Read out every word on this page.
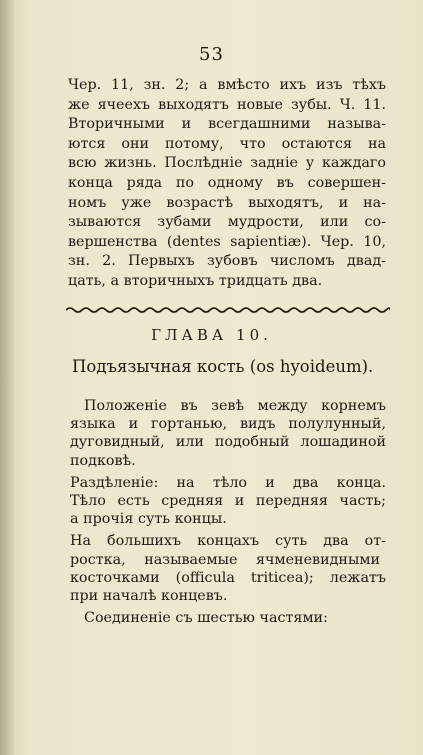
53
Чер. 11, зн. 2; а вмѣсто ихъ изъ тѣхъ
же ячеехъ выходятъ новые зубы. Ч. 11.
Вторичными и всегдашними называ-
ются они потому, что остаются на
всю жизнь. Послѣдніе задніе у каждаго
конца ряда по одному въ совершен-
номъ уже возрастѣ выходятъ, и на-
зываются зубами мудрости, или со-
вершенства (dentes sapientiæ). Чер. 10,
зн. 2. Первыхъ зубовъ числомъ двад-
цать, а вторичныхъ тридцать два.
ГЛАВА 10.
Подъязычная кость (os hyoideum).
Положеніе въ зевѣ между корнемъ
языка и гортанью, видъ полулунный,
дуговидный, или подобный лошадиной
подковѣ.
Раздѣленіе: на тѣло и два конца.
Тѣло есть средняя и передняя часть;
а прочія суть концы.
На большихъ концахъ суть два от-
ростка, называемые ячменевидными
косточками (officula triticea); лежатъ
при началѣ концевъ.
Соединеніе съ шестью частями:
